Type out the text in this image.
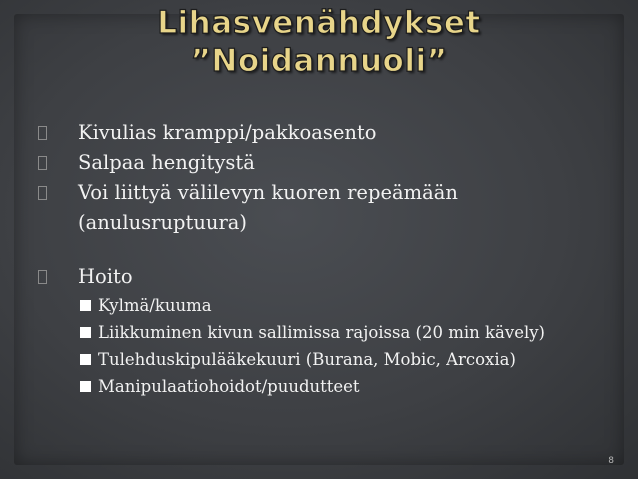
Lihasvenähdykset
”Noidannuoli”
Kivulias kramppi/pakkoasento
Salpaa hengitystä
Voi liittyä välilevyn kuoren repeämään
(anulusruptuura)
Hoito
Kylmä/kuuma
Liikkuminen kivun sallimissa rajoissa (20 min kävely)
Tulehduskipulääkekuuri (Burana, Mobic, Arcoxia)
Manipulaatiohoidot/puudutteet
8
